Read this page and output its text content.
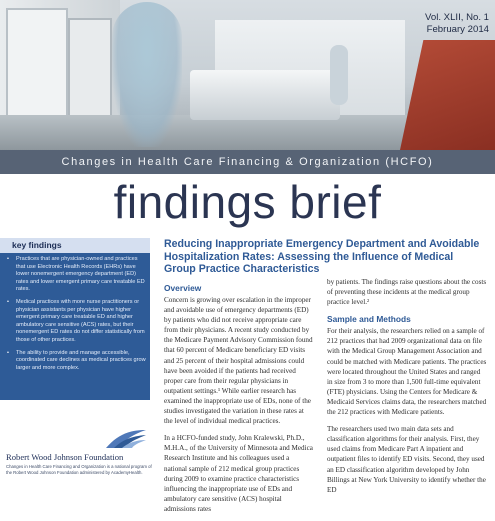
Vol. XLII, No. 1
February 2014
Changes in Health Care Financing & Organization (HCFO)
findings brief
key findings
• Practices that are physician-owned and practices that use Electronic Health Records (EHRs) have lower nonemergent emergency department (ED) rates and lower emergent primary care treatable ED rates.
• Medical practices with more nurse practitioners or physician assistants per physician have higher emergent primary care treatable ED and higher ambulatory care sensitive (ACS) rates, but their nonemergent ED rates do not differ statistically from those of other practices.
• The ability to provide and manage accessible, coordinated care declines as medical practices grow larger and more complex.
Robert Wood Johnson Foundation
Changes in Health Care Financing and Organization is a national program of the Robert Wood Johnson Foundation administered by AcademyHealth.
Reducing Inappropriate Emergency Department and Avoidable Hospitalization Rates: Assessing the Influence of Medical Group Practice Characteristics
Overview

Concern is growing over escalation in the improper and avoidable use of emergency departments (ED) by patients who did not receive appropriate care from their physicians. A recent study conducted by the Medicare Payment Advisory Commission found that 60 percent of Medicare beneficiary ED visits and 25 percent of their hospital admissions could have been avoided if the patients had received proper care from their regular physicians in outpatient settings.¹ While earlier research has examined the inappropriate use of EDs, none of the studies investigated the variation in these rates at the level of individual medical practices.

In a HCFO-funded study, John Kralewski, Ph.D., M.H.A., of the University of Minnesota and Medica Research Institute and his colleagues used a national sample of 212 medical group practices during 2009 to examine practice characteristics influencing the inappropriate use of EDs and ambulatory care sensitive (ACS) hospital admissions rates

by patients. The findings raise questions about the costs of preventing these incidents at the medical group practice level.²

Sample and Methods

For their analysis, the researchers relied on a sample of 212 practices that had 2009 organizational data on file with the Medical Group Management Association and could be matched with Medicare patients. The practices were located throughout the United States and ranged in size from 3 to more than 1,500 full-time equivalent (FTE) physicians. Using the Centers for Medicare & Medicaid Services claims data, the researchers matched the 212 practices with Medicare patients.

The researchers used two main data sets and classification algorithms for their analysis. First, they used claims from Medicare Part A inpatient and outpatient files to identify ED visits. Second, they used an ED classification algorithm developed by John Billings at New York University to identify whether the ED
